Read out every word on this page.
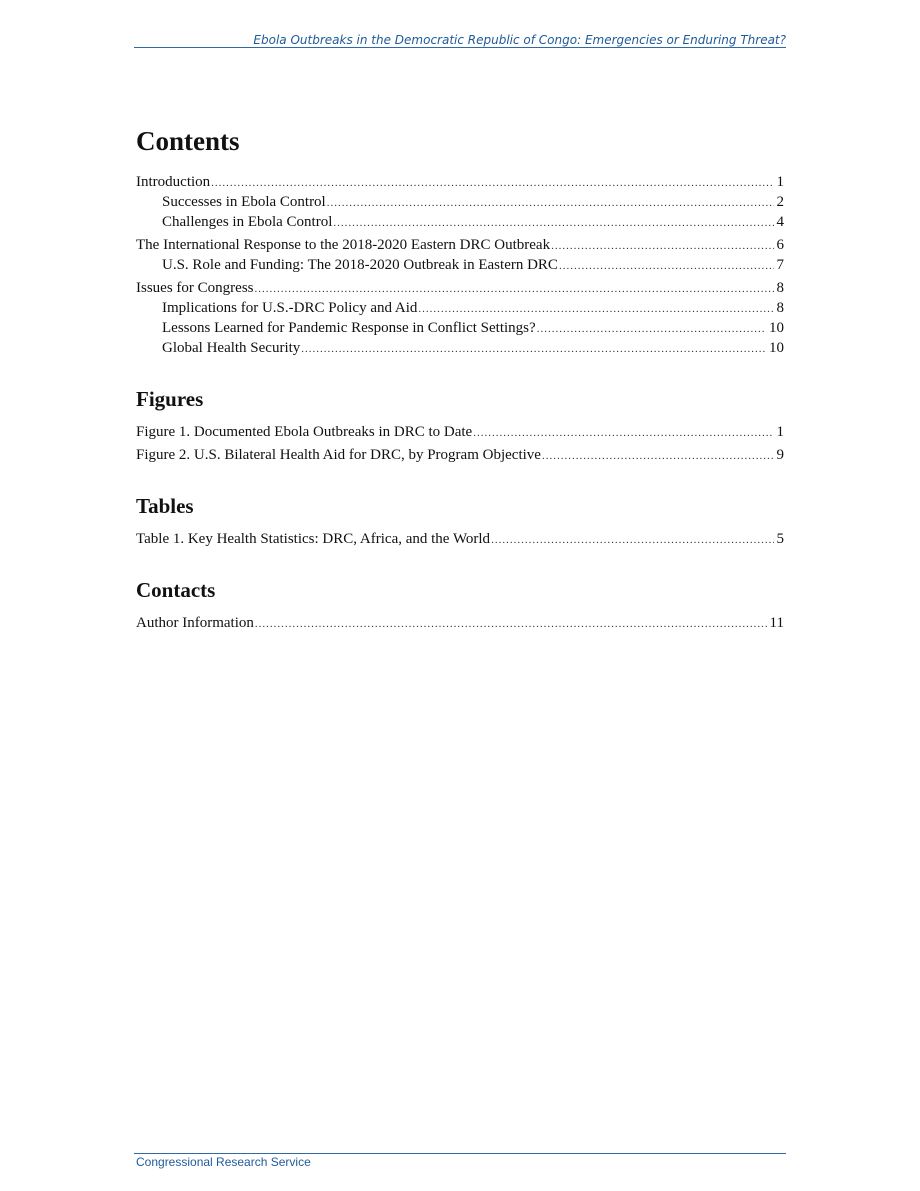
Ebola Outbreaks in the Democratic Republic of Congo: Emergencies or Enduring Threat?
Contents
Introduction .....	1
Successes in Ebola Control .....	2
Challenges in Ebola Control .....	4
The International Response to the 2018-2020 Eastern DRC Outbreak .....	6
U.S. Role and Funding: The 2018-2020 Outbreak in Eastern DRC .....	7
Issues for Congress .....	8
Implications for U.S.-DRC Policy and Aid .....	8
Lessons Learned for Pandemic Response in Conflict Settings? .....	10
Global Health Security .....	10
Figures
Figure 1. Documented Ebola Outbreaks in DRC to Date .....	1
Figure 2. U.S. Bilateral Health Aid for DRC, by Program Objective .....	9
Tables
Table 1. Key Health Statistics: DRC, Africa, and the World .....	5
Contacts
Author Information .....	11
Congressional Research Service
